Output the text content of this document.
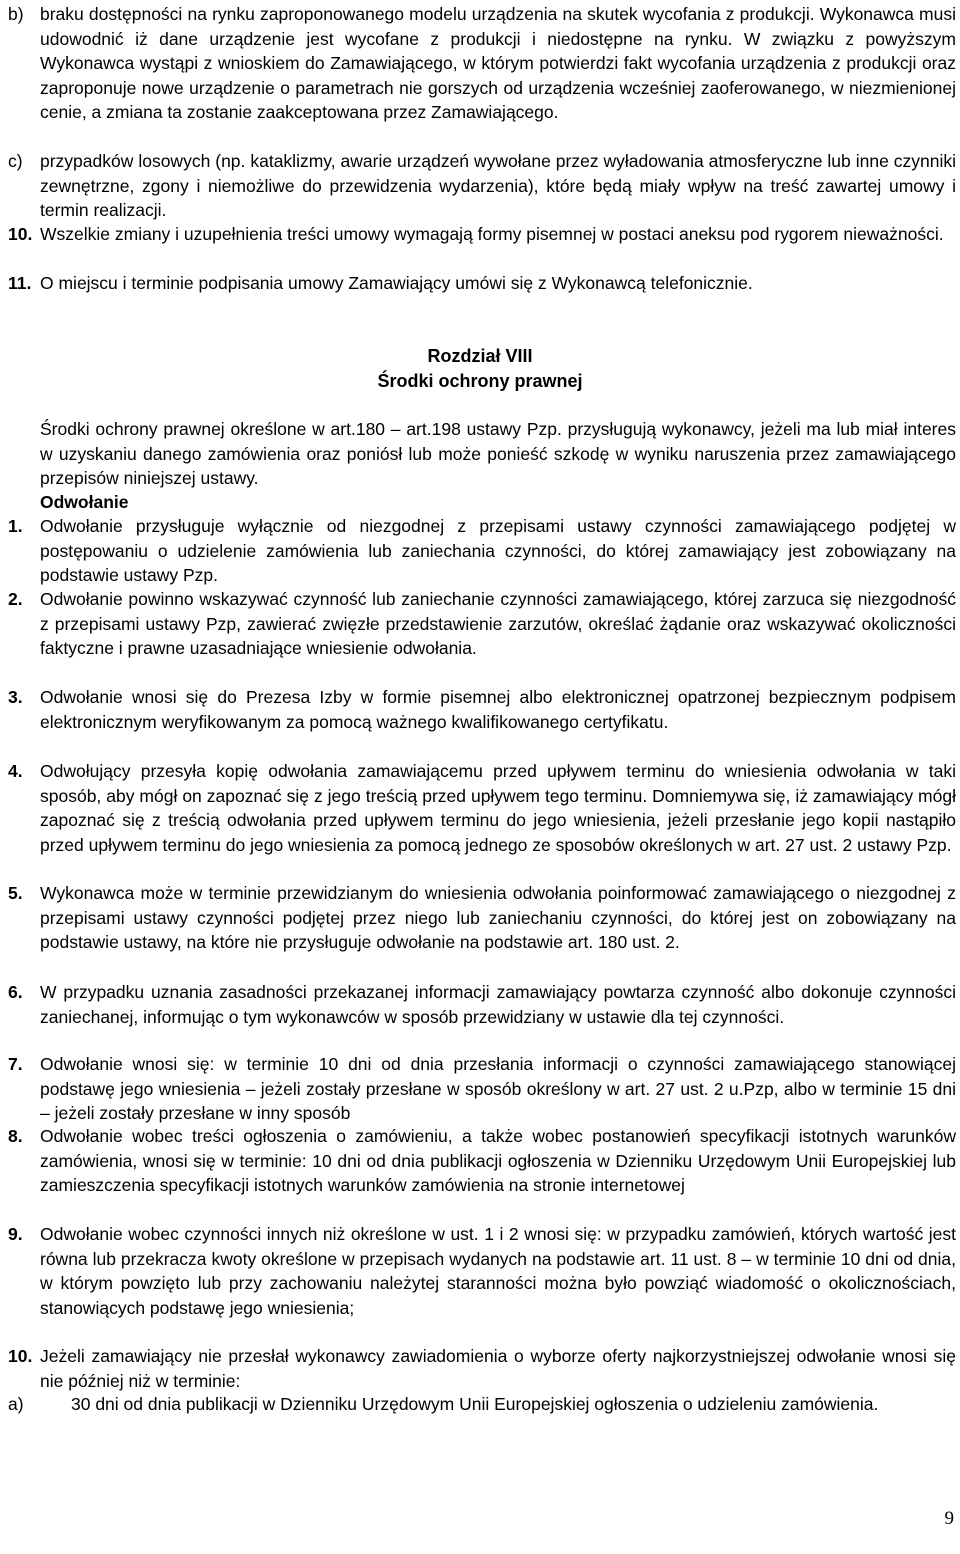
b) braku dostępności na rynku zaproponowanego modelu urządzenia na skutek wycofania z produkcji. Wykonawca musi udowodnić iż dane urządzenie jest wycofane z produkcji i niedostępne na rynku. W związku z powyższym Wykonawca wystąpi z wnioskiem do Zamawiającego, w którym potwierdzi fakt wycofania urządzenia z produkcji oraz zaproponuje nowe urządzenie o parametrach nie gorszych od urządzenia wcześniej zaoferowanego, w niezmienionej cenie, a zmiana ta zostanie zaakceptowana przez Zamawiającego.
c) przypadków losowych (np. kataklizmy, awarie urządzeń wywołane przez wyładowania atmosferyczne lub inne czynniki zewnętrzne, zgony i niemożliwe do przewidzenia wydarzenia), które będą miały wpływ na treść zawartej umowy i termin realizacji.
10. Wszelkie zmiany i uzupełnienia treści umowy wymagają formy pisemnej w postaci aneksu pod rygorem nieważności.
11. O miejscu i terminie podpisania umowy Zamawiający umówi się z Wykonawcą telefonicznie.
Rozdział VIII
Środki ochrony prawnej
Środki ochrony prawnej określone w art.180 – art.198 ustawy Pzp. przysługują wykonawcy, jeżeli ma lub miał interes w uzyskaniu danego zamówienia oraz poniósł lub może ponieść szkodę w wyniku naruszenia przez zamawiającego przepisów niniejszej ustawy.
Odwołanie
1. Odwołanie przysługuje wyłącznie od niezgodnej z przepisami ustawy czynności zamawiającego podjętej w postępowaniu o udzielenie zamówienia lub zaniechania czynności, do której zamawiający jest zobowiązany na podstawie ustawy Pzp.
2. Odwołanie powinno wskazywać czynność lub zaniechanie czynności zamawiającego, której zarzuca się niezgodność z przepisami ustawy Pzp, zawierać zwięzłe przedstawienie zarzutów, określać żądanie oraz wskazywać okoliczności faktyczne i prawne uzasadniające wniesienie odwołania.
3. Odwołanie wnosi się do Prezesa Izby w formie pisemnej albo elektronicznej opatrzonej bezpiecznym podpisem elektronicznym weryfikowanym za pomocą ważnego kwalifikowanego certyfikatu.
4. Odwołujący przesyła kopię odwołania zamawiającemu przed upływem terminu do wniesienia odwołania w taki sposób, aby mógł on zapoznać się z jego treścią przed upływem tego terminu. Domniemywa się, iż zamawiający mógł zapoznać się z treścią odwołania przed upływem terminu do jego wniesienia, jeżeli przesłanie jego kopii nastąpiło przed upływem terminu do jego wniesienia za pomocą jednego ze sposobów określonych w art. 27 ust. 2 ustawy Pzp.
5. Wykonawca może w terminie przewidzianym do wniesienia odwołania poinformować zamawiającego o niezgodnej z przepisami ustawy czynności podjętej przez niego lub zaniechaniu czynności, do której jest on zobowiązany na podstawie ustawy, na które nie przysługuje odwołanie na podstawie art. 180 ust. 2.
6. W przypadku uznania zasadności przekazanej informacji zamawiający powtarza czynność albo dokonuje czynności zaniechanej, informując o tym wykonawców w sposób przewidziany w ustawie dla tej czynności.
7. Odwołanie wnosi się: w terminie 10 dni od dnia przesłania informacji o czynności zamawiającego stanowiącej podstawę jego wniesienia – jeżeli zostały przesłane w sposób określony w art. 27 ust. 2 u.Pzp, albo w terminie 15 dni – jeżeli zostały przesłane w inny sposób
8. Odwołanie wobec treści ogłoszenia o zamówieniu, a także wobec postanowień specyfikacji istotnych warunków zamówienia, wnosi się w terminie: 10 dni od dnia publikacji ogłoszenia w Dzienniku Urzędowym Unii Europejskiej lub zamieszczenia specyfikacji istotnych warunków zamówienia na stronie internetowej
9. Odwołanie wobec czynności innych niż określone w ust. 1 i 2 wnosi się: w przypadku zamówień, których wartość jest równa lub przekracza kwoty określone w przepisach wydanych na podstawie art. 11 ust. 8 – w terminie 10 dni od dnia, w którym powzięto lub przy zachowaniu należytej staranności można było powziąć wiadomość o okolicznościach, stanowiących podstawę jego wniesienia;
10. Jeżeli zamawiający nie przesłał wykonawcy zawiadomienia o wyborze oferty najkorzystniejszej odwołanie wnosi się nie później niż w terminie:
a)	30 dni od dnia publikacji w Dzienniku Urzędowym Unii Europejskiej ogłoszenia o udzieleniu zamówienia.
9
